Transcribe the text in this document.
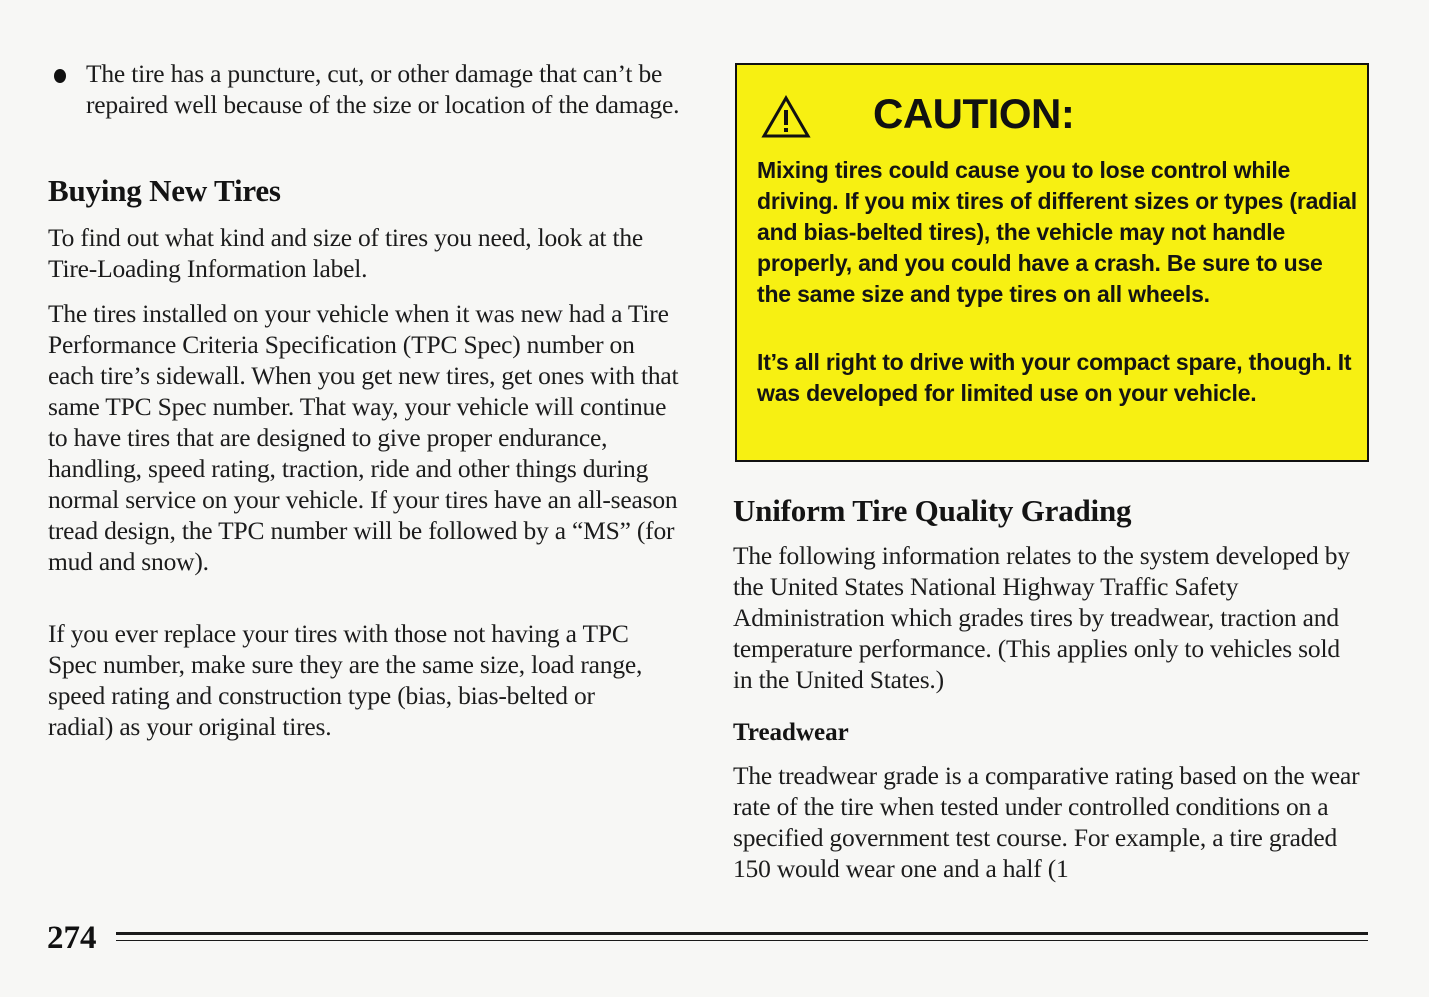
The tire has a puncture, cut, or other damage that can’t be repaired well because of the size or location of the damage.

Buying New Tires

To find out what kind and size of tires you need, look at the Tire-Loading Information label.

The tires installed on your vehicle when it was new had a Tire Performance Criteria Specification (TPC Spec) number on each tire’s sidewall. When you get new tires, get ones with that same TPC Spec number. That way, your vehicle will continue to have tires that are designed to give proper endurance, handling, speed rating, traction, ride and other things during normal service on your vehicle. If your tires have an all-season tread design, the TPC number will be followed by a “MS” (for mud and snow).

If you ever replace your tires with those not having a TPC Spec number, make sure they are the same size, load range, speed rating and construction type (bias, bias-belted or radial) as your original tires.

CAUTION:

Mixing tires could cause you to lose control while driving. If you mix tires of different sizes or types (radial and bias-belted tires), the vehicle may not handle properly, and you could have a crash. Be sure to use the same size and type tires on all wheels.

It’s all right to drive with your compact spare, though. It was developed for limited use on your vehicle.

Uniform Tire Quality Grading

The following information relates to the system developed by the United States National Highway Traffic Safety Administration which grades tires by treadwear, traction and temperature performance. (This applies only to vehicles sold in the United States.)

Treadwear

The treadwear grade is a comparative rating based on the wear rate of the tire when tested under controlled conditions on a specified government test course. For example, a tire graded 150 would wear one and a half (1

274
